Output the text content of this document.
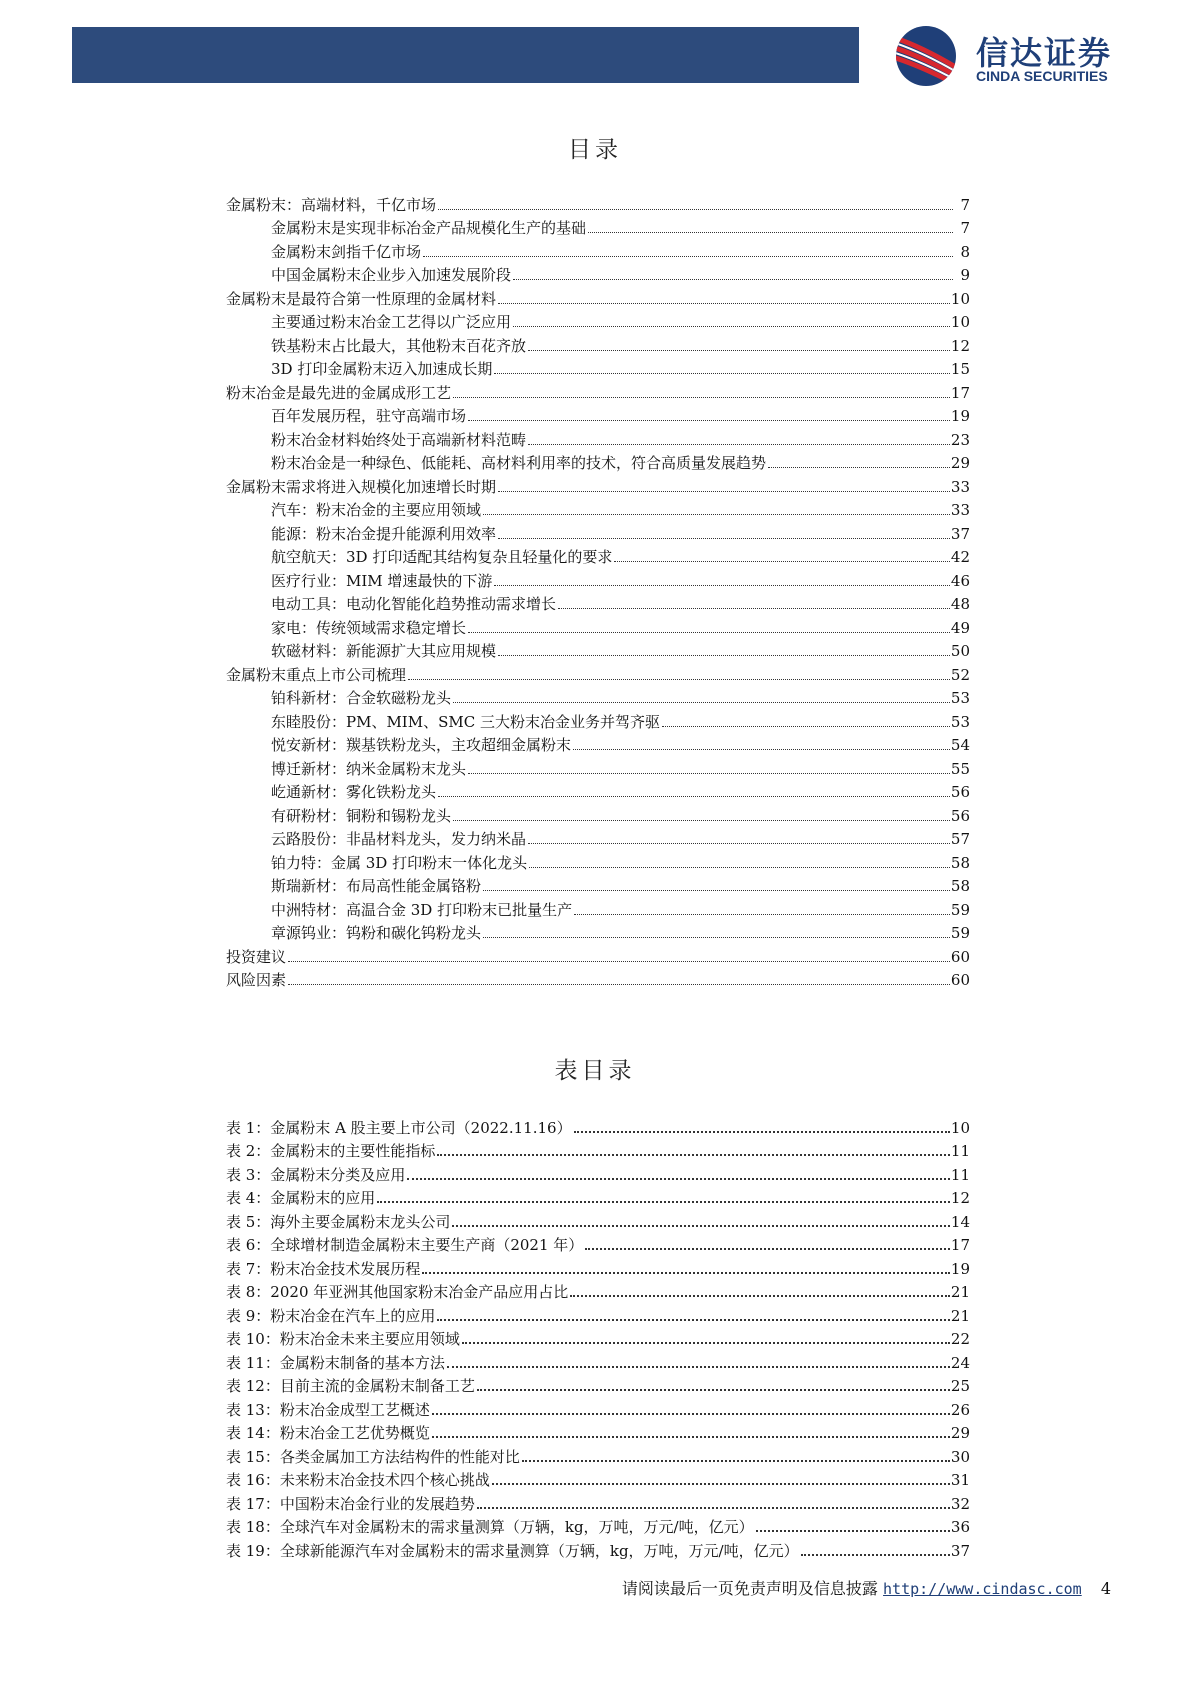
信达证券
CINDA SECURITIES
目录
金属粉末：高端材料，千亿市场	7
金属粉末是实现非标冶金产品规模化生产的基础	7
金属粉末剑指千亿市场	8
中国金属粉末企业步入加速发展阶段	9
金属粉末是最符合第一性原理的金属材料	10
主要通过粉末冶金工艺得以广泛应用	10
铁基粉末占比最大，其他粉末百花齐放	12
3D 打印金属粉末迈入加速成长期	15
粉末冶金是最先进的金属成形工艺	17
百年发展历程，驻守高端市场	19
粉末冶金材料始终处于高端新材料范畴	23
粉末冶金是一种绿色、低能耗、高材料利用率的技术，符合高质量发展趋势	29
金属粉末需求将进入规模化加速增长时期	33
汽车：粉末冶金的主要应用领域	33
能源：粉末冶金提升能源利用效率	37
航空航天：3D 打印适配其结构复杂且轻量化的要求	42
医疗行业：MIM 增速最快的下游	46
电动工具：电动化智能化趋势推动需求增长	48
家电：传统领域需求稳定增长	49
软磁材料：新能源扩大其应用规模	50
金属粉末重点上市公司梳理	52
铂科新材：合金软磁粉龙头	53
东睦股份：PM、MIM、SMC 三大粉末冶金业务并驾齐驱	53
悦安新材：羰基铁粉龙头，主攻超细金属粉末	54
博迁新材：纳米金属粉末龙头	55
屹通新材：雾化铁粉龙头	56
有研粉材：铜粉和锡粉龙头	56
云路股份：非晶材料龙头，发力纳米晶	57
铂力特：金属 3D 打印粉末一体化龙头	58
斯瑞新材：布局高性能金属铬粉	58
中洲特材：高温合金 3D 打印粉末已批量生产	59
章源钨业：钨粉和碳化钨粉龙头	59
投资建议	60
风险因素	60
表目录
表 1：金属粉末 A 股主要上市公司（2022.11.16）	10
表 2：金属粉末的主要性能指标	11
表 3：金属粉末分类及应用	11
表 4：金属粉末的应用	12
表 5：海外主要金属粉末龙头公司	14
表 6：全球增材制造金属粉末主要生产商（2021 年）	17
表 7：粉末冶金技术发展历程	19
表 8：2020 年亚洲其他国家粉末冶金产品应用占比	21
表 9：粉末冶金在汽车上的应用	21
表 10：粉末冶金未来主要应用领域	22
表 11：金属粉末制备的基本方法	24
表 12：目前主流的金属粉末制备工艺	25
表 13：粉末冶金成型工艺概述	26
表 14：粉末冶金工艺优势概览	29
表 15：各类金属加工方法结构件的性能对比	30
表 16：未来粉末冶金技术四个核心挑战	31
表 17：中国粉末冶金行业的发展趋势	32
表 18：全球汽车对金属粉末的需求量测算（万辆，kg，万吨，万元/吨，亿元）	36
表 19：全球新能源汽车对金属粉末的需求量测算（万辆，kg，万吨，万元/吨，亿元）	37
请阅读最后一页免责声明及信息披露 http://www.cindasc.com 4
